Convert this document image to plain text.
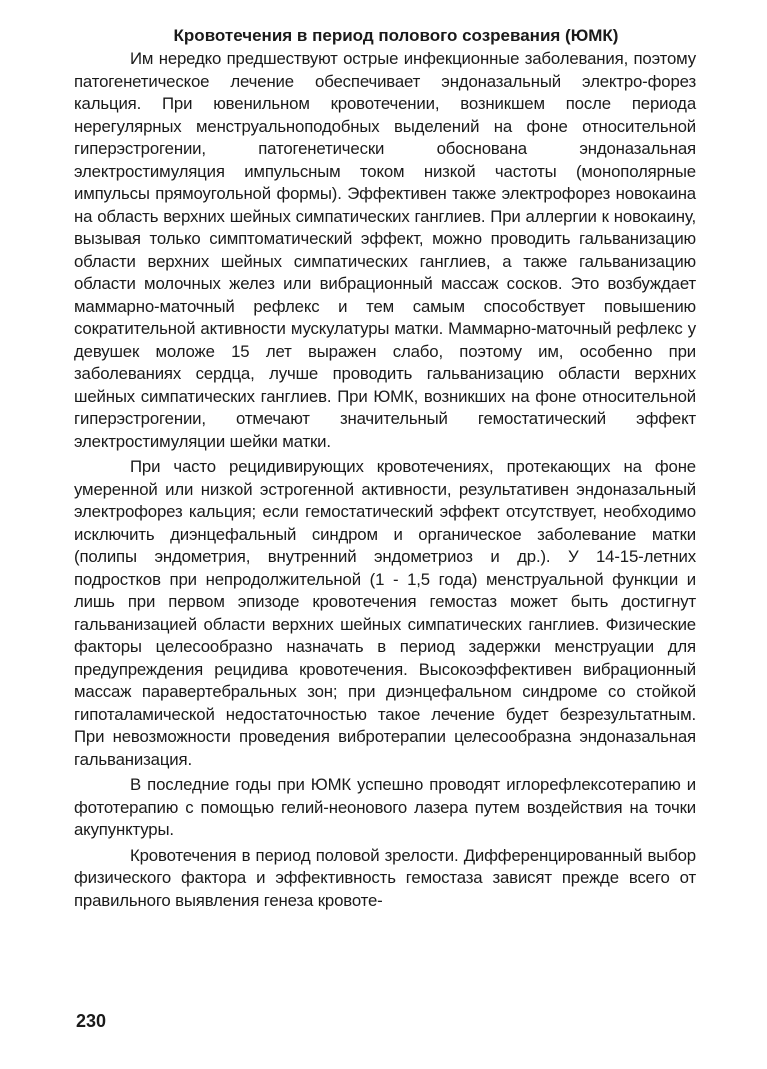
Кровотечения в период полового созревания (ЮМК)

Им нередко предшествуют острые инфекционные заболевания, поэтому патогенетическое лечение обеспечивает эндоназальный электро-форез кальция. При ювенильном кровотечении, возникшем после периода нерегулярных менструальноподобных выделений на фоне относительной гиперэстрогении, патогенетически обоснована эндоназальная электростимуляция импульсным током низкой частоты (монополярные импульсы прямоугольной формы). Эффективен также электрофорез новокаина на область верхних шейных симпатических ганглиев. При аллергии к новокаину, вызывая только симптоматический эффект, можно проводить гальванизацию области верхних шейных симпатических ганглиев, а также гальванизацию области молочных желез или вибрационный массаж сосков. Это возбуждает маммарно-маточный рефлекс и тем самым способствует повышению сократительной активности мускулатуры матки. Маммарно-маточный рефлекс у девушек моложе 15 лет выражен слабо, поэтому им, особенно при заболеваниях сердца, лучше проводить гальванизацию области верхних шейных симпатических ганглиев. При ЮМК, возникших на фоне относительной гиперэстрогении, отмечают значительный гемостатический эффект электростимуляции шейки матки.

При часто рецидивирующих кровотечениях, протекающих на фоне умеренной или низкой эстрогенной активности, результативен эндоназальный электрофорез кальция; если гемостатический эффект отсутствует, необходимо исключить диэнцефальный синдром и органическое заболевание матки (полипы эндометрия, внутренний эндометриоз и др.). У 14-15-летних подростков при непродолжительной (1 - 1,5 года) менструальной функции и лишь при первом эпизоде кровотечения гемостаз может быть достигнут гальванизацией области верхних шейных симпатических ганглиев. Физические факторы целесообразно назначать в период задержки менструации для предупреждения рецидива кровотечения. Высокоэффективен вибрационный массаж паравертебральных зон; при диэнцефальном синдроме со стойкой гипоталамической недостаточностью такое лечение будет безрезультатным. При невозможности проведения вибротерапии целесообразна эндоназальная гальванизация.

В последние годы при ЮМК успешно проводят иглорефлексотерапию и фототерапию с помощью гелий-неонового лазера путем воздействия на точки акупунктуры.

Кровотечения в период половой зрелости. Дифференцированный выбор физического фактора и эффективность гемостаза зависят прежде всего от правильного выявления генеза кровоте-

230
